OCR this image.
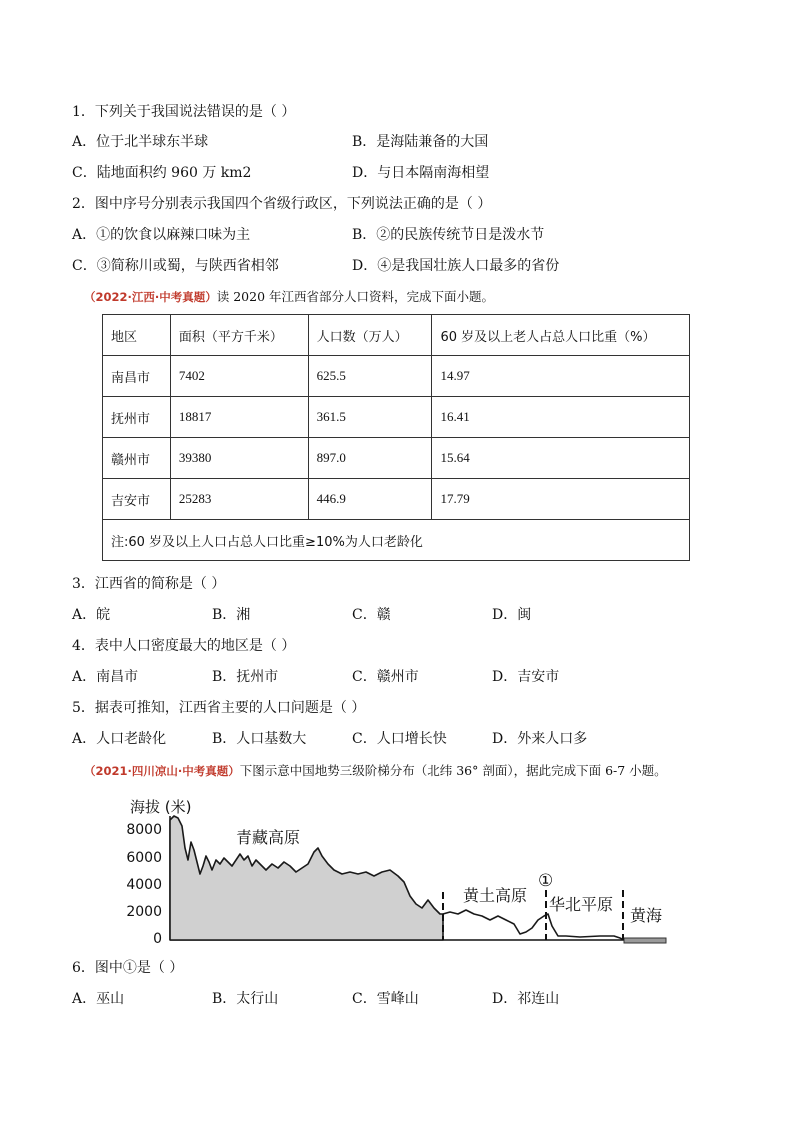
1．下列关于我国说法错误的是（ ）
A．位于北半球东半球	B．是海陆兼备的大国
C．陆地面积约 960 万 km2	D．与日本隔南海相望
2．图中序号分别表示我国四个省级行政区，下列说法正确的是（ ）
A．①的饮食以麻辣口味为主	B．②的民族传统节日是泼水节
C．③简称川或蜀，与陕西省相邻	D．④是我国壮族人口最多的省份
（2022·江西·中考真题）读 2020 年江西省部分人口资料，完成下面小题。
地区	面积（平方千米）	人口数（万人）	60 岁及以上老人占总人口比重（%）
南昌市	7402	625.5	14.97
抚州市	18817	361.5	16.41
赣州市	39380	897.0	15.64
吉安市	25283	446.9	17.79
注:60 岁及以上人口占总人口比重≥10%为人口老龄化			
3．江西省的简称是（ ）
A．皖	B．湘	C．赣	D．闽
4．表中人口密度最大的地区是（ ）
A．南昌市	B．抚州市	C．赣州市	D．吉安市
5．据表可推知，江西省主要的人口问题是（ ）
A．人口老龄化	B．人口基数大	C．人口增长快	D．外来人口多
（2021·四川凉山·中考真题）下图示意中国地势三级阶梯分布（北纬 36° 剖面），据此完成下面 6-7 小题。
海拔 (米)
8000
6000
4000
2000
0
青藏高原
黄土高原
①
华北平原
黄海
6．图中①是（ ）
A．巫山	B．太行山	C．雪峰山	D．祁连山
